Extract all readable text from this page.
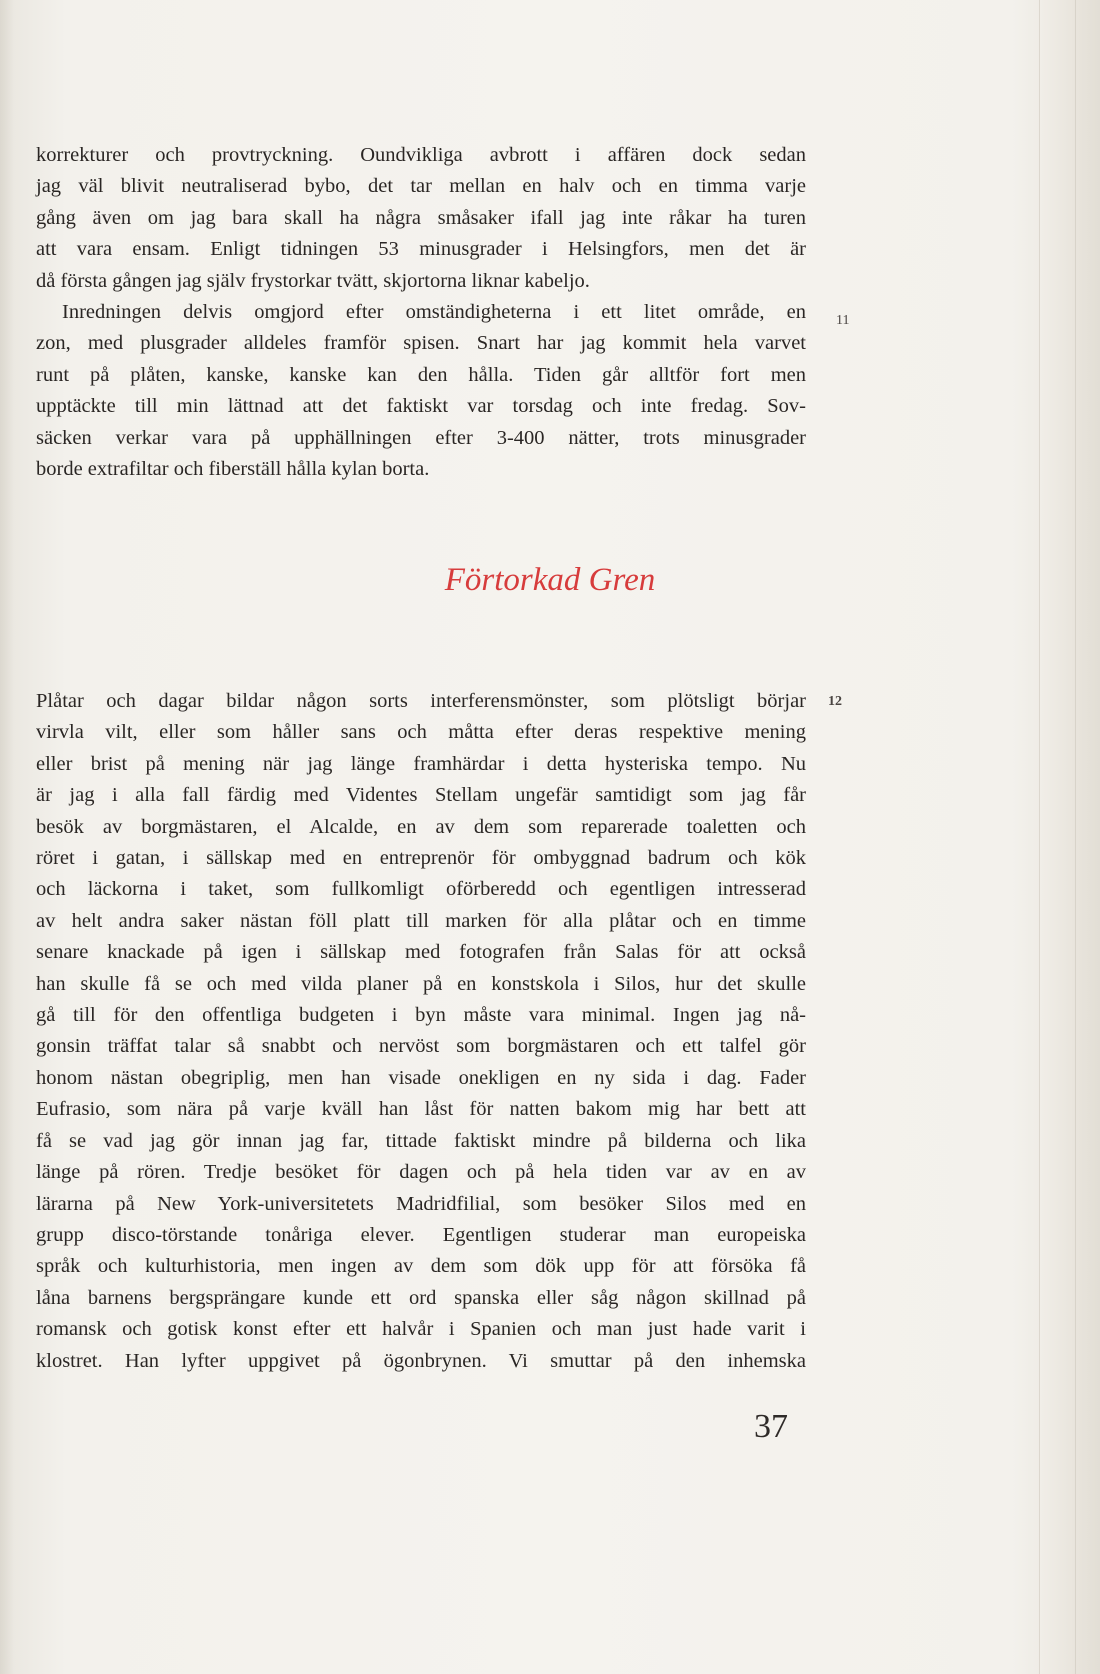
korrekturer och provtryckning. Oundvikliga avbrott i affären dock sedan
jag väl blivit neutraliserad bybo, det tar mellan en halv och en timma varje
gång även om jag bara skall ha några småsaker ifall jag inte råkar ha turen
att vara ensam. Enligt tidningen 53 minusgrader i Helsingfors, men det är
då första gången jag själv frystorkar tvätt, skjortorna liknar kabeljo.
Inredningen delvis omgjord efter omständigheterna i ett litet område, en
zon, med plusgrader alldeles framför spisen. Snart har jag kommit hela varvet
runt på plåten, kanske, kanske kan den hålla. Tiden går alltför fort men
upptäckte till min lättnad att det faktiskt var torsdag och inte fredag. Sov-
säcken verkar vara på upphällningen efter 3-400 nätter, trots minusgrader
borde extrafiltar och fiberställ hålla kylan borta.
11
Förtorkad Gren
Plåtar och dagar bildar någon sorts interferensmönster, som plötsligt börjar
virvla vilt, eller som håller sans och måtta efter deras respektive mening
eller brist på mening när jag länge framhärdar i detta hysteriska tempo. Nu
är jag i alla fall färdig med Videntes Stellam ungefär samtidigt som jag får
besök av borgmästaren, el Alcalde, en av dem som reparerade toaletten och
röret i gatan, i sällskap med en entreprenör för ombyggnad badrum och kök
och läckorna i taket, som fullkomligt oförberedd och egentligen intresserad
av helt andra saker nästan föll platt till marken för alla plåtar och en timme
senare knackade på igen i sällskap med fotografen från Salas för att också
han skulle få se och med vilda planer på en konstskola i Silos, hur det skulle
gå till för den offentliga budgeten i byn måste vara minimal. Ingen jag nå-
gonsin träffat talar så snabbt och nervöst som borgmästaren och ett talfel gör
honom nästan obegriplig, men han visade onekligen en ny sida i dag. Fader
Eufrasio, som nära på varje kväll han låst för natten bakom mig har bett att
få se vad jag gör innan jag far, tittade faktiskt mindre på bilderna och lika
länge på rören. Tredje besöket för dagen och på hela tiden var av en av
lärarna på New York-universitetets Madridfilial, som besöker Silos med en
grupp disco-törstande tonåriga elever. Egentligen studerar man europeiska
språk och kulturhistoria, men ingen av dem som dök upp för att försöka få
låna barnens bergsprängare kunde ett ord spanska eller såg någon skillnad på
romansk och gotisk konst efter ett halvår i Spanien och man just hade varit i
klostret. Han lyfter uppgivet på ögonbrynen. Vi smuttar på den inhemska
12
37
